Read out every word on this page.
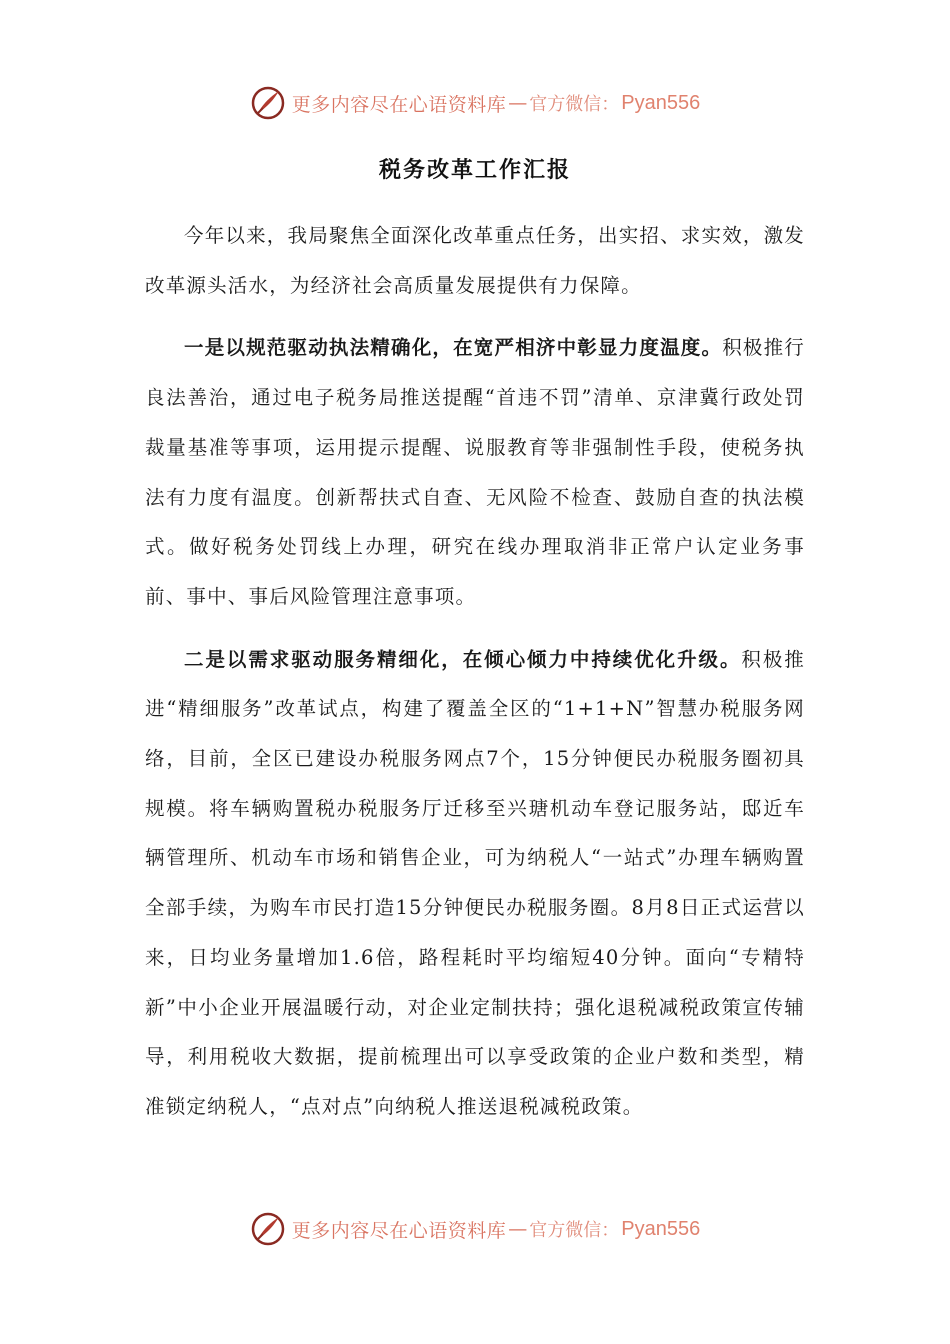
更多内容尽在心语资料库 — 官方微信： Pyan556
税务改革工作汇报

今年以来，我局聚焦全面深化改革重点任务，出实招、求实效，激发改革源头活水，为经济社会高质量发展提供有力保障。

一是以规范驱动执法精确化，在宽严相济中彰显力度温度。积极推行良法善治，通过电子税务局推送提醒“首违不罚”清单、京津冀行政处罚裁量基准等事项，运用提示提醒、说服教育等非强制性手段，使税务执法有力度有温度。创新帮扶式自查、无风险不检查、鼓励自查的执法模式。做好税务处罚线上办理，研究在线办理取消非正常户认定业务事前、事中、事后风险管理注意事项。

二是以需求驱动服务精细化，在倾心倾力中持续优化升级。积极推进“精细服务”改革试点，构建了覆盖全区的“1+1+N”智慧办税服务网络，目前，全区已建设办税服务网点7个，15分钟便民办税服务圈初具规模。将车辆购置税办税服务厅迁移至兴瑭机动车登记服务站，邸近车辆管理所、机动车市场和销售企业，可为纳税人“一站式”办理车辆购置全部手续，为购车市民打造15分钟便民办税服务圈。8月8日正式运营以来，日均业务量增加1.6倍，路程耗时平均缩短40分钟。面向“专精特新”中小企业开展温暖行动，对企业定制扶持；强化退税减税政策宣传辅导，利用税收大数据，提前梳理出可以享受政策的企业户数和类型，精准锁定纳税人，“点对点”向纳税人推送退税减税政策。

更多内容尽在心语资料库 — 官方微信： Pyan556
